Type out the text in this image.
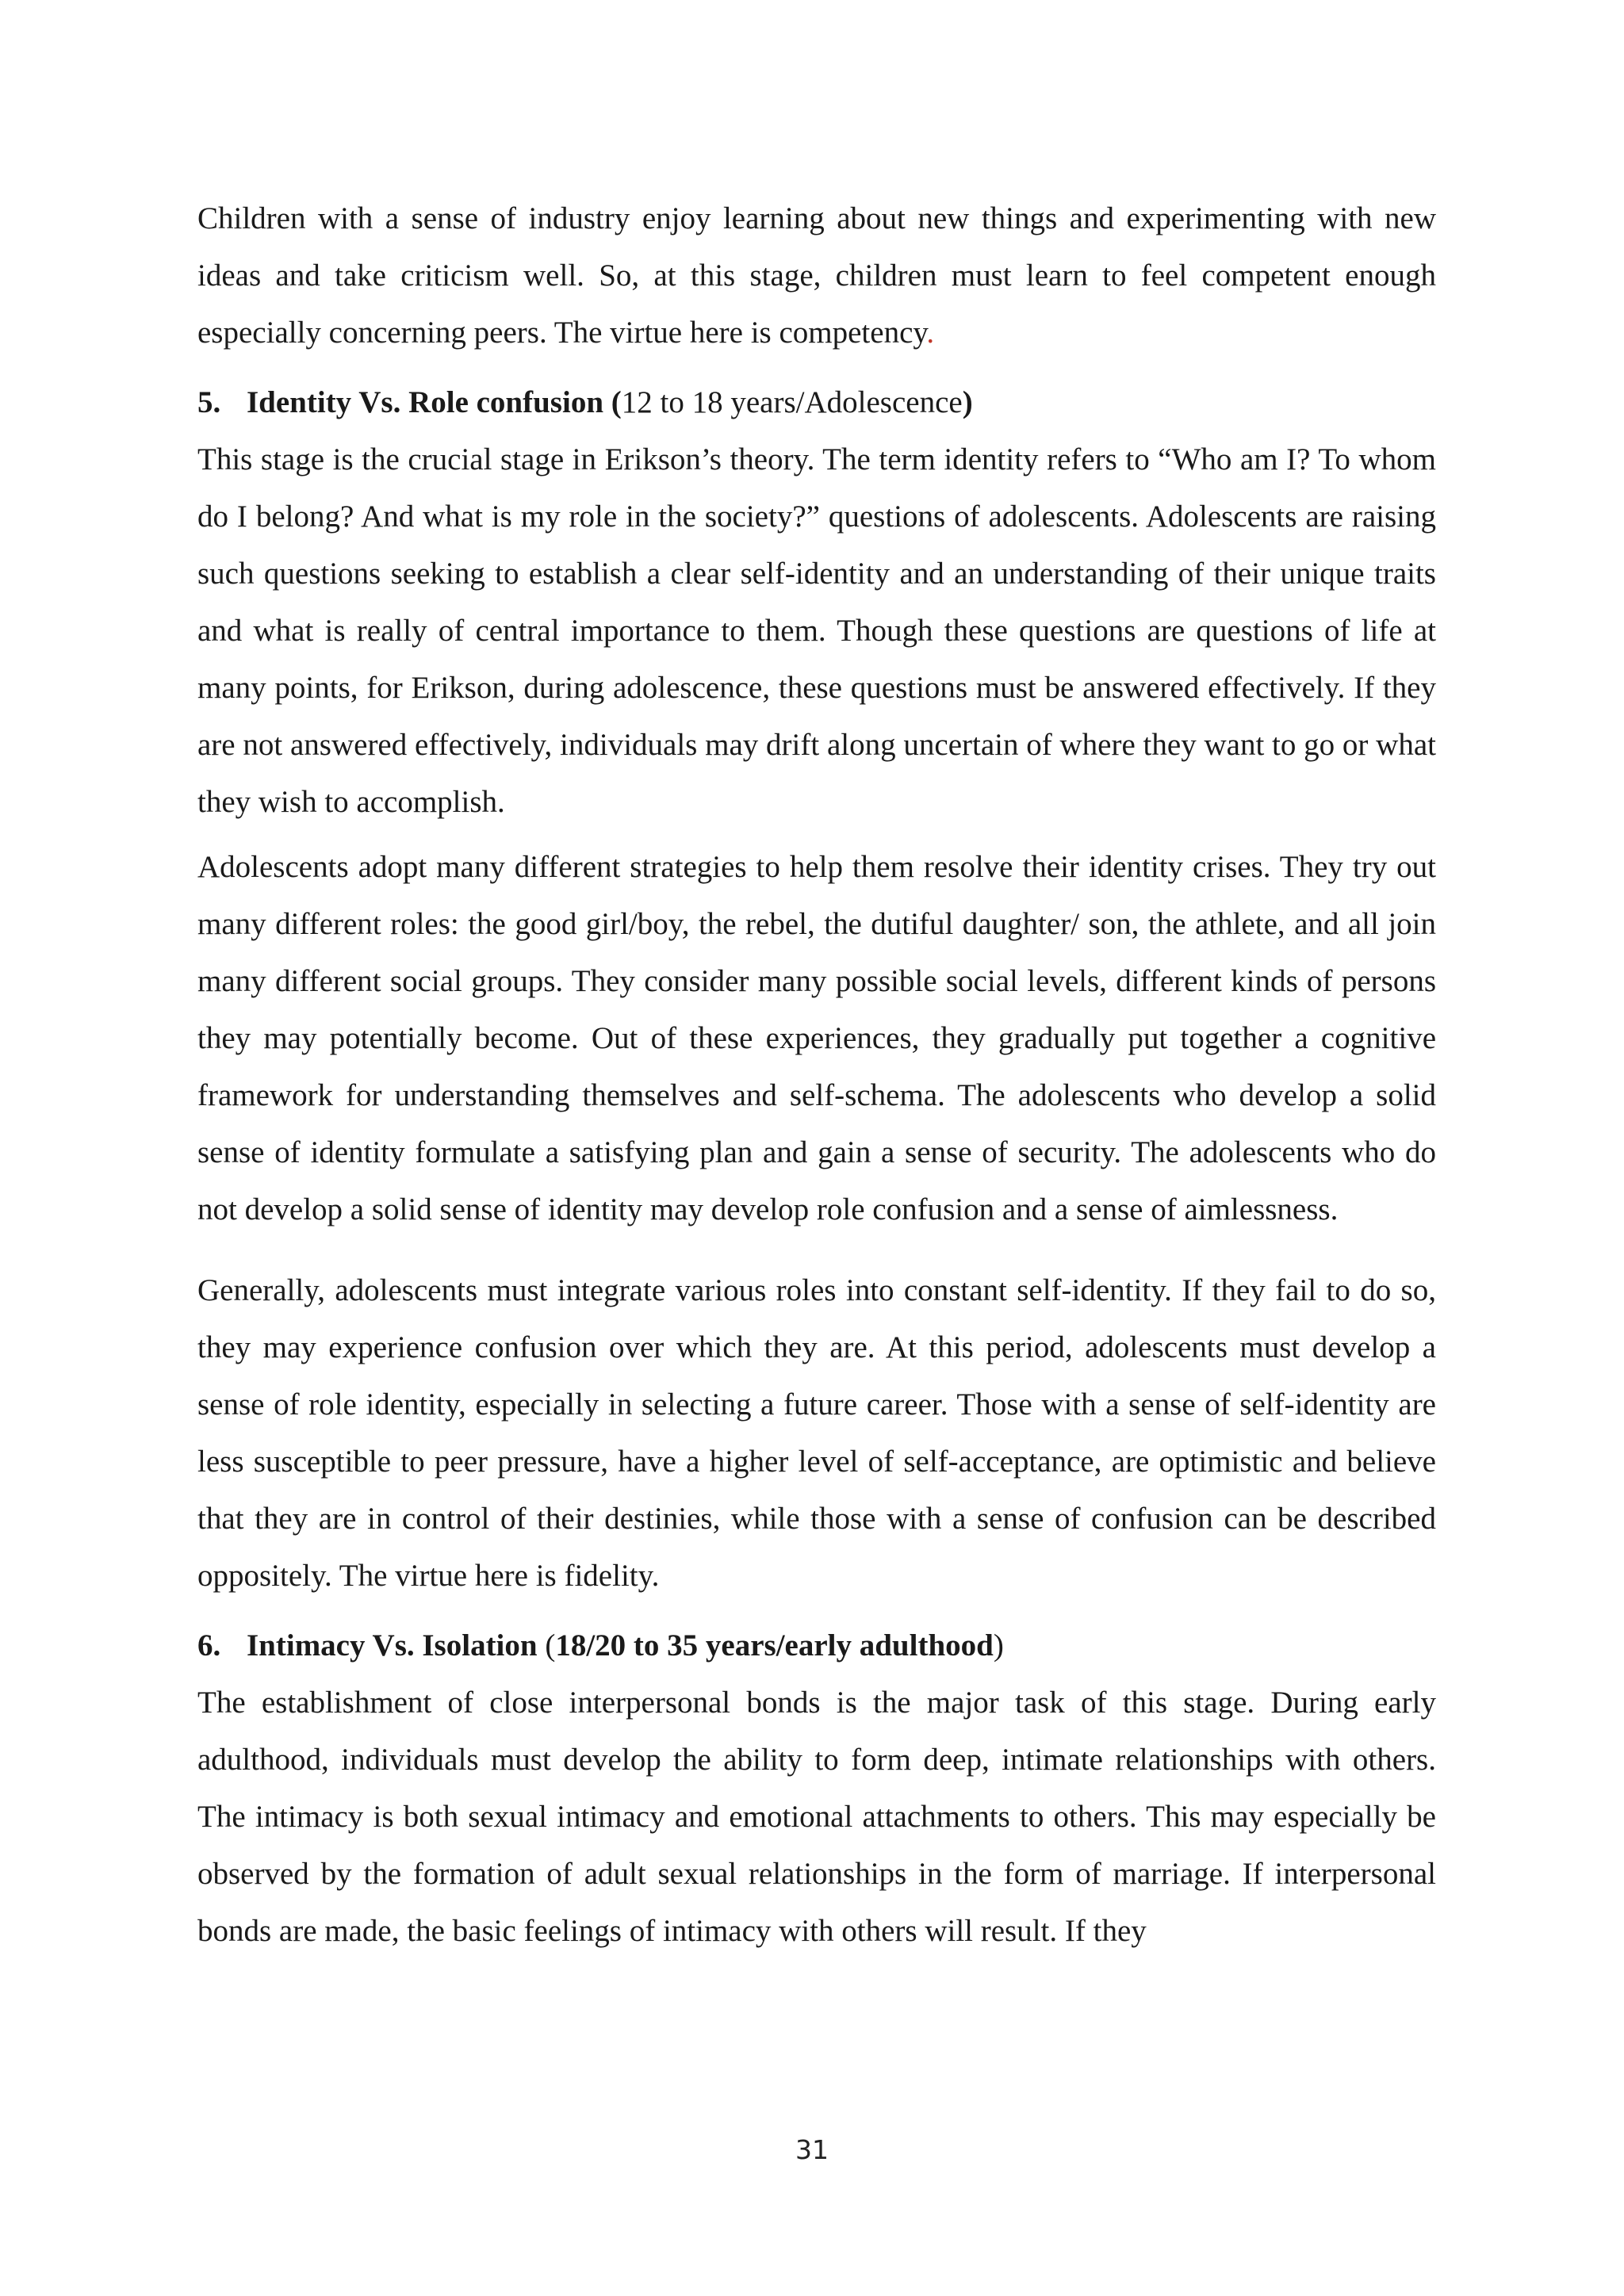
Children with a sense of industry enjoy learning about new things and experimenting with new ideas and take criticism well. So, at this stage, children must learn to feel competent enough especially concerning peers. The virtue here is competency.

5. Identity Vs. Role confusion (12 to 18 years/Adolescence)

This stage is the crucial stage in Erikson’s theory. The term identity refers to “Who am I? To whom do I belong? And what is my role in the society?” questions of adolescents. Adolescents are raising such questions seeking to establish a clear self-identity and an understanding of their unique traits and what is really of central importance to them. Though these questions are questions of life at many points, for Erikson, during adolescence, these questions must be answered effectively. If they are not answered effectively, individuals may drift along uncertain of where they want to go or what they wish to accomplish.

Adolescents adopt many different strategies to help them resolve their identity crises. They try out many different roles: the good girl/boy, the rebel, the dutiful daughter/ son, the athlete, and all join many different social groups. They consider many possible social levels, different kinds of persons they may potentially become. Out of these experiences, they gradually put together a cognitive framework for understanding themselves and self-schema. The adolescents who develop a solid sense of identity formulate a satisfying plan and gain a sense of security. The adolescents who do not develop a solid sense of identity may develop role confusion and a sense of aimlessness.

Generally, adolescents must integrate various roles into constant self-identity. If they fail to do so, they may experience confusion over which they are. At this period, adolescents must develop a sense of role identity, especially in selecting a future career. Those with a sense of self-identity are less susceptible to peer pressure, have a higher level of self-acceptance, are optimistic and believe that they are in control of their destinies, while those with a sense of confusion can be described oppositely. The virtue here is fidelity.

6. Intimacy Vs. Isolation (18/20 to 35 years/early adulthood)

The establishment of close interpersonal bonds is the major task of this stage. During early adulthood, individuals must develop the ability to form deep, intimate relationships with others. The intimacy is both sexual intimacy and emotional attachments to others. This may especially be observed by the formation of adult sexual relationships in the form of marriage. If interpersonal bonds are made, the basic feelings of intimacy with others will result. If they

31
